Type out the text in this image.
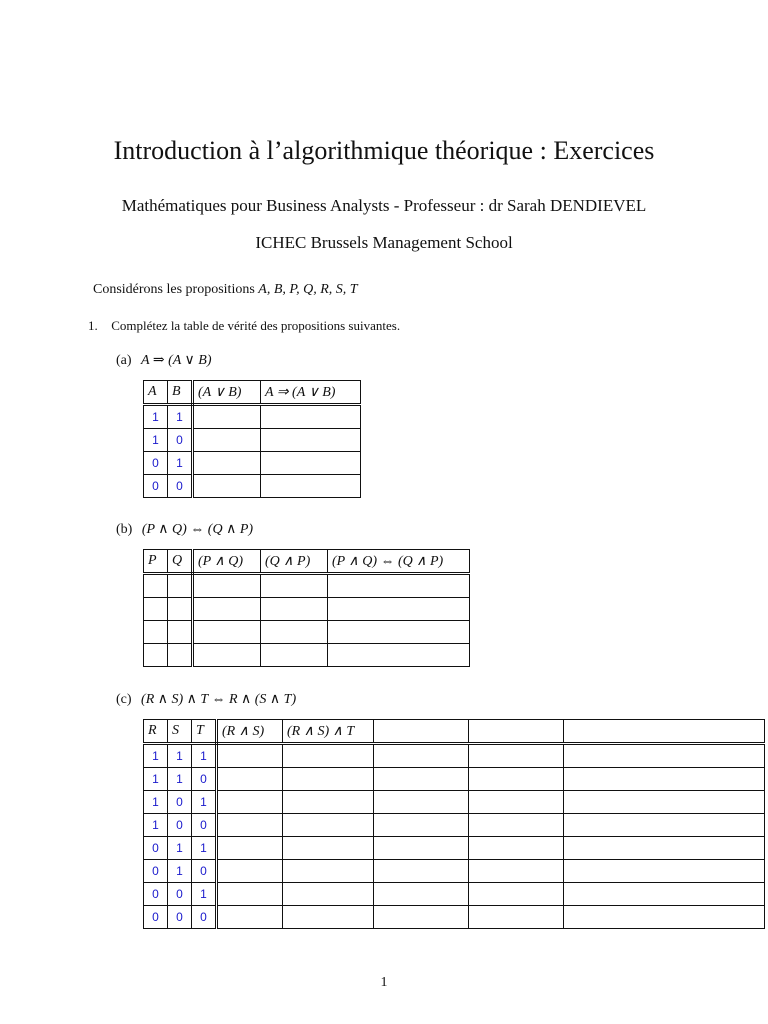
Introduction à l’algorithmique théorique : Exercices
Mathématiques pour Business Analysts - Professeur : dr Sarah DENDIEVEL
ICHEC Brussels Management School
Considérons les propositions A, B, P, Q, R, S, T
1. Complétez la table de vérité des propositions suivantes.
(a) A ⇒ (A ∨ B)
A	B	(A ∨ B)	A ⇒ (A ∨ B)
1	1		
1	0		
0	1		
0	0		
(b) (P ∧ Q) ⇔ (Q ∧ P)
P	Q	(P ∧ Q)	(Q ∧ P)	(P ∧ Q) ⇔ (Q ∧ P)

(c) (R ∧ S) ∧ T ⇔ R ∧ (S ∧ T)
R	S	T	(R ∧ S)	(R ∧ S) ∧ T			
1	1	1					
1	1	0					
1	0	1					
1	0	0					
0	1	1					
0	1	0					
0	0	1					
0	0	0					
1
